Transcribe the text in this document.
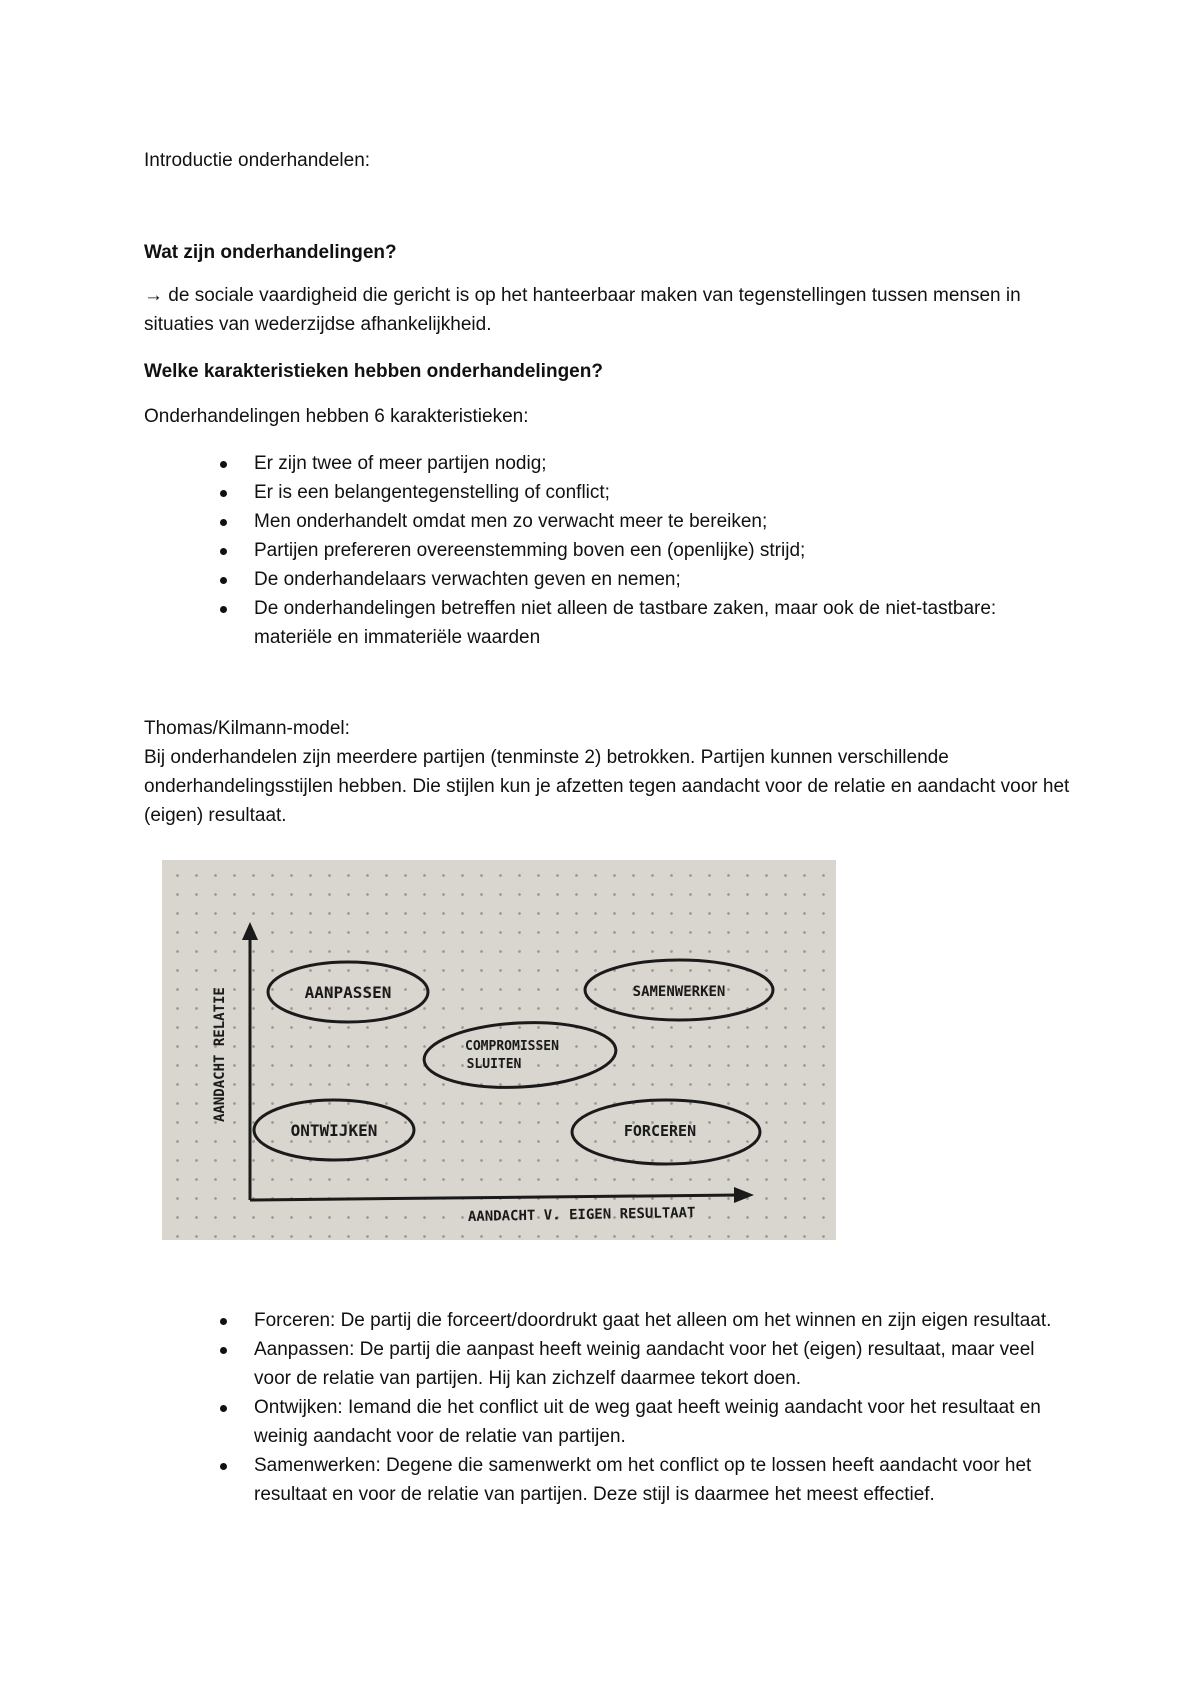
Introductie onderhandelen:

Wat zijn onderhandelingen?

→ de sociale vaardigheid die gericht is op het hanteerbaar maken van tegenstellingen tussen mensen in situaties van wederzijdse afhankelijkheid.

Welke karakteristieken hebben onderhandelingen?

Onderhandelingen hebben 6 karakteristieken:

Er zijn twee of meer partijen nodig;
Er is een belangentegenstelling of conflict;
Men onderhandelt omdat men zo verwacht meer te bereiken;
Partijen prefereren overeenstemming boven een (openlijke) strijd;
De onderhandelaars verwachten geven en nemen;
De onderhandelingen betreffen niet alleen de tastbare zaken, maar ook de niet-tastbare: materiële en immateriële waarden

Thomas/Kilmann-model:

Bij onderhandelen zijn meerdere partijen (tenminste 2) betrokken. Partijen kunnen verschillende onderhandelingsstijlen hebben. Die stijlen kun je afzetten tegen aandacht voor de relatie en aandacht voor het (eigen) resultaat.

AANDACHT RELATIE
AANDACHT V. EIGEN RESULTAAT
AANPASSEN	SAMENWERKEN
COMPROMISSEN
SLUITEN
ONTWIJKEN	FORCEREN
Forceren: De partij die forceert/doordrukt gaat het alleen om het winnen en zijn eigen resultaat.
Aanpassen: De partij die aanpast heeft weinig aandacht voor het (eigen) resultaat, maar veel voor de relatie van partijen. Hij kan zichzelf daarmee tekort doen.
Ontwijken: Iemand die het conflict uit de weg gaat heeft weinig aandacht voor het resultaat en weinig aandacht voor de relatie van partijen.
Samenwerken: Degene die samenwerkt om het conflict op te lossen heeft aandacht voor het resultaat en voor de relatie van partijen. Deze stijl is daarmee het meest effectief.
